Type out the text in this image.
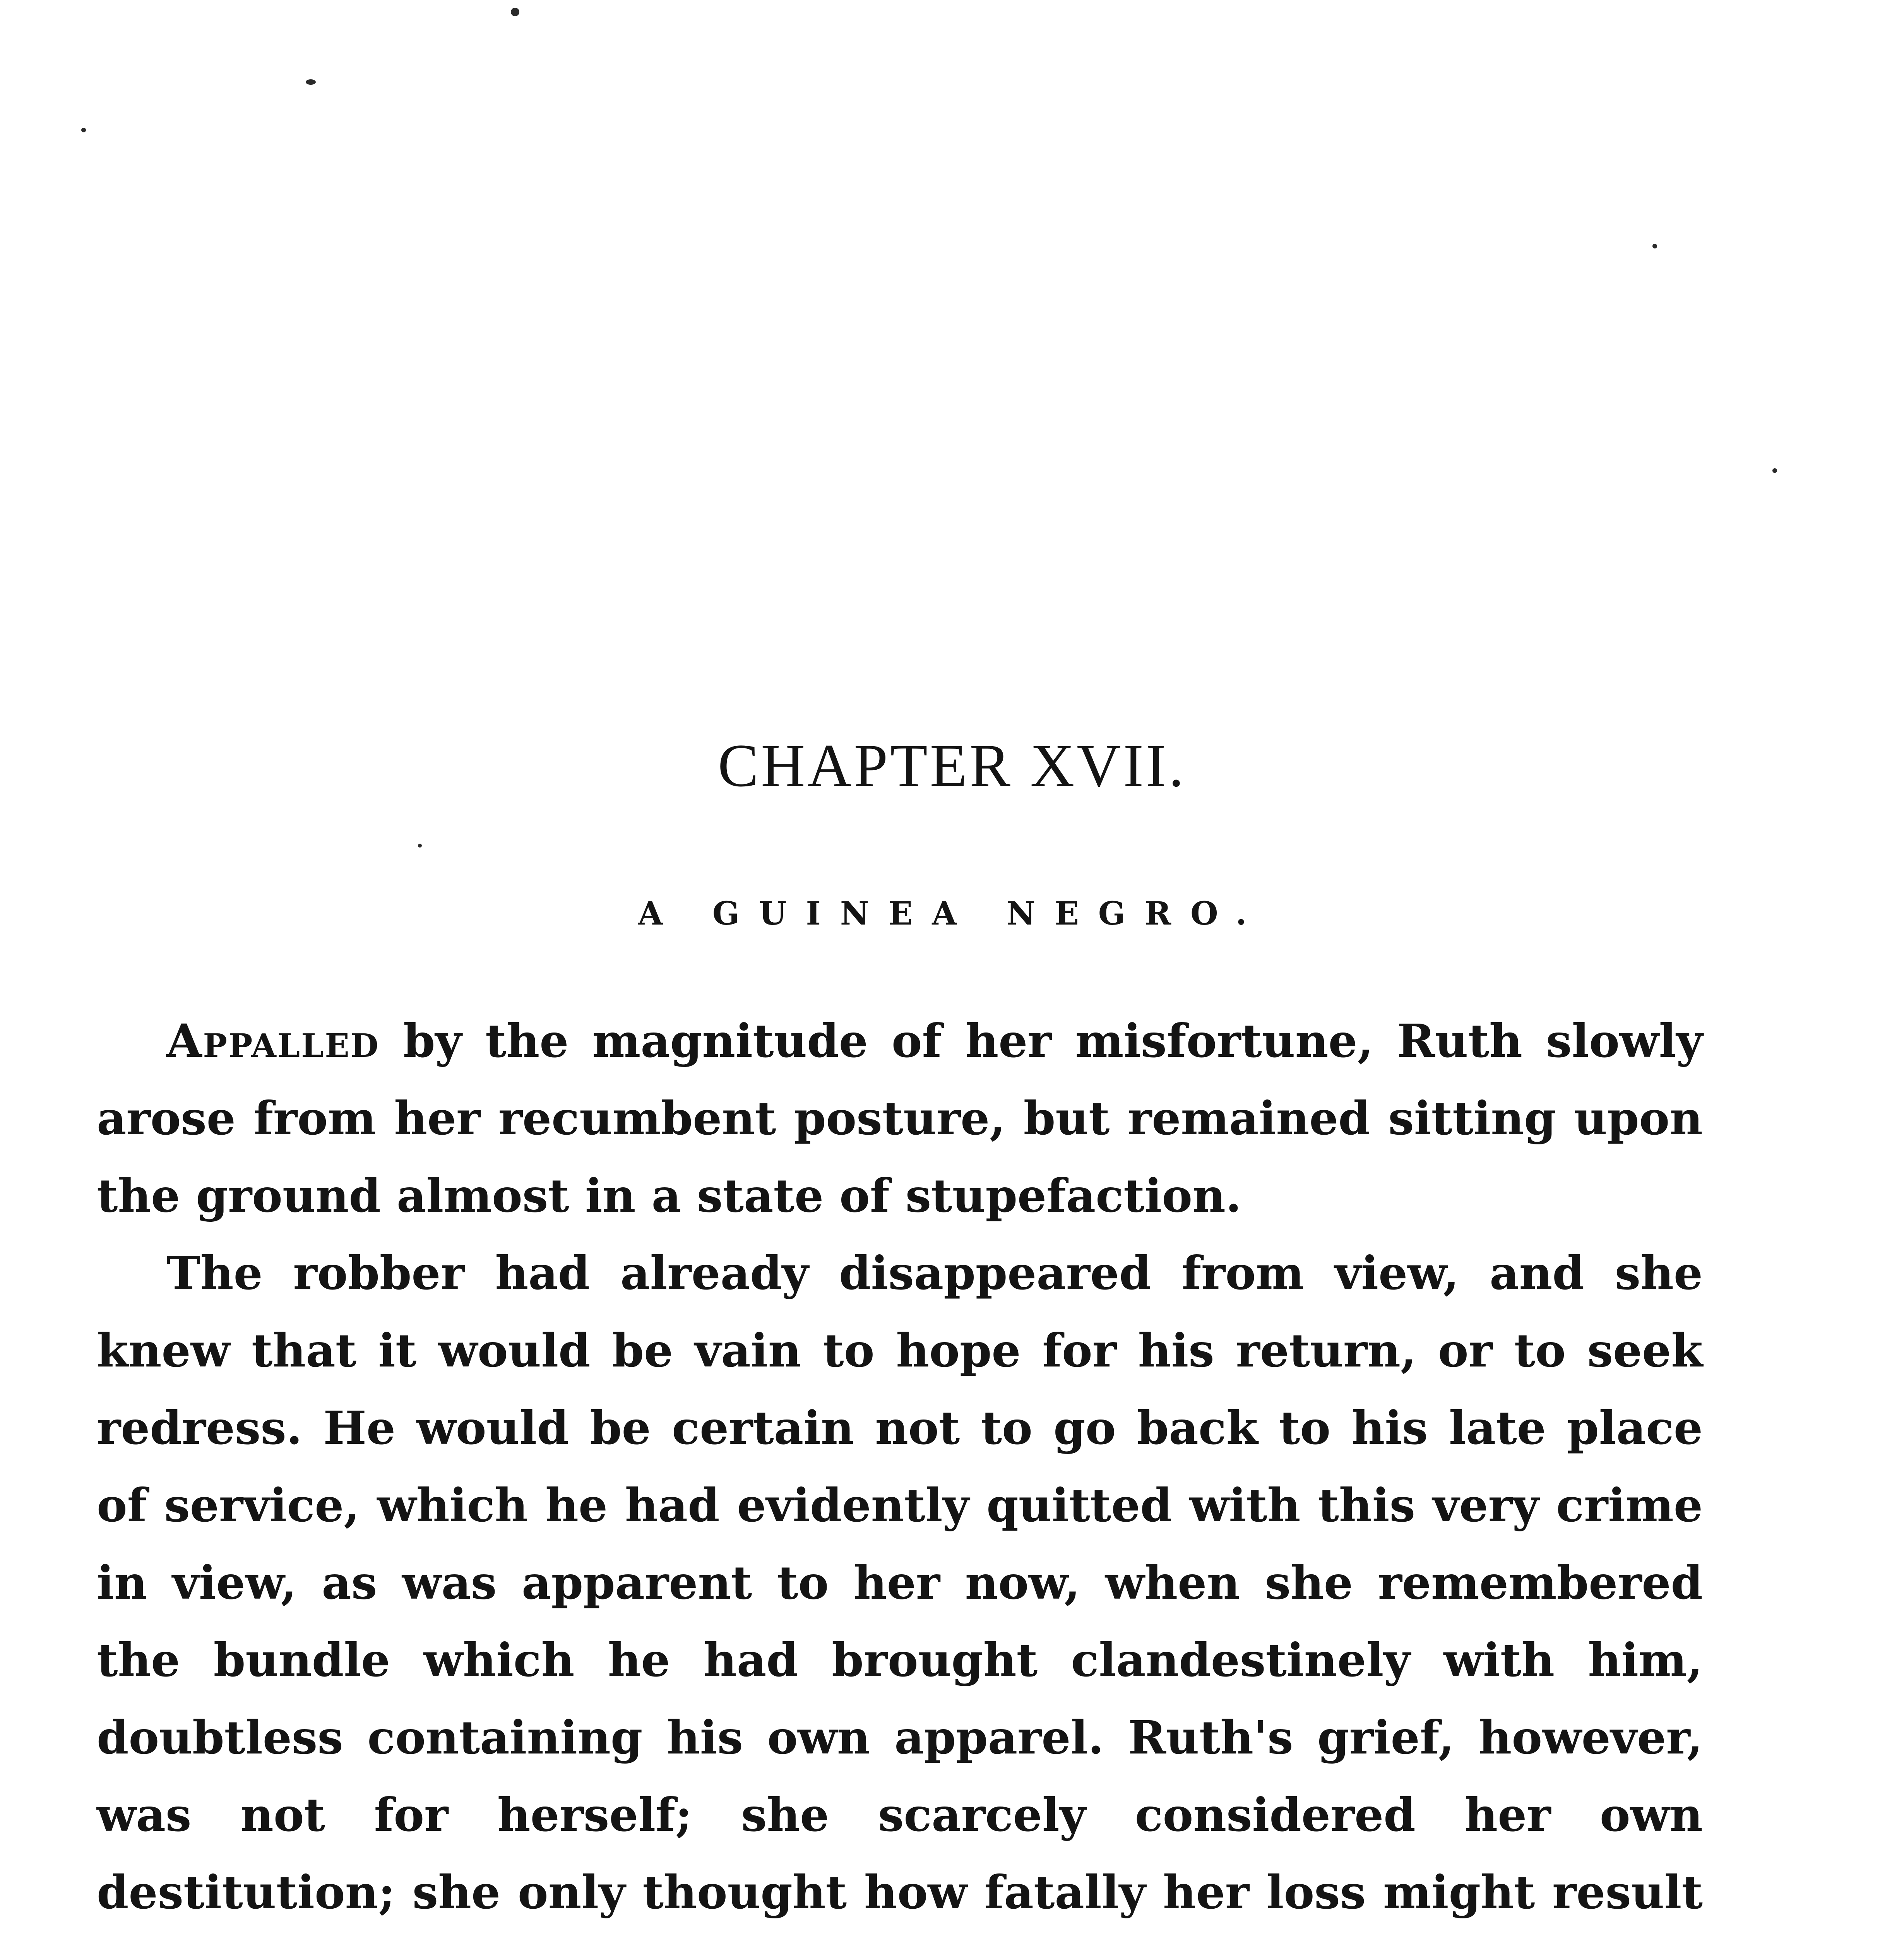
CHAPTER XVII.
A GUINEA NEGRO.

Appalled by the magnitude of her misfortune, Ruth slowly arose from her recumbent posture, but remained sitting upon the ground almost in a state of stupefaction.

The robber had already disappeared from view, and she knew that it would be vain to hope for his return, or to seek redress. He would be certain not to go back to his late place of service, which he had evidently quitted with this very crime in view, as was apparent to her now, when she remembered the bundle which he had brought clandestinely with him, doubtless containing his own apparel. Ruth's grief, however, was not for herself; she scarcely considered her own destitution; she only thought how fatally her loss might result
